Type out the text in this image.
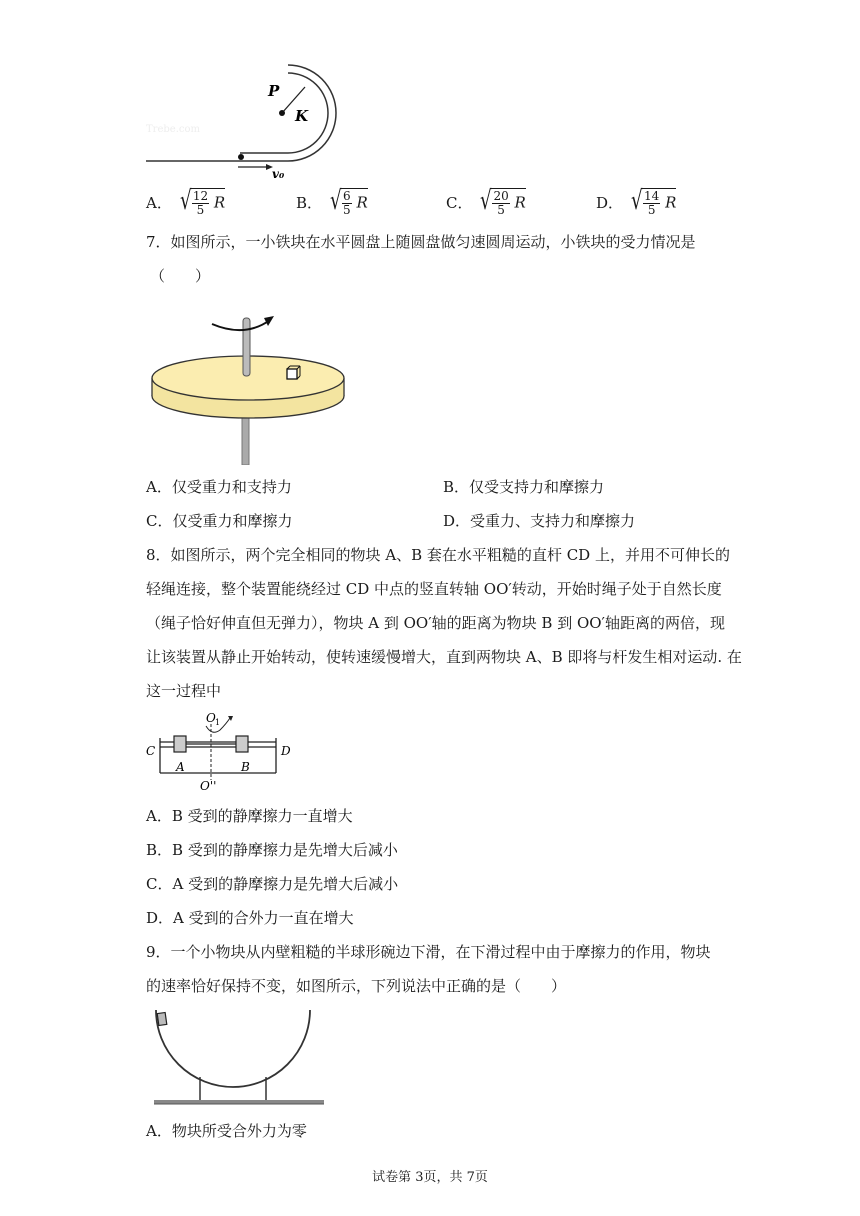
P
K
v₀
Trebe.com
A． √ $\frac{12}{5}$ R	B． √ $\frac{6}{5}$ R	C． √ $\frac{20}{5}$ R	D． √ $\frac{14}{5}$ R
7．如图所示，一小铁块在水平圆盘上随圆盘做匀速圆周运动，小铁块的受力情况是
（　　）
A．仅受重力和支持力	B．仅受支持力和摩擦力
C．仅受重力和摩擦力	D．受重力、支持力和摩擦力
8．如图所示，两个完全相同的物块 A、B 套在水平粗糙的直杆 CD 上，并用不可伸长的
轻绳连接，整个装置能绕经过 CD 中点的竖直转轴 OO′转动，开始时绳子处于自然长度
（绳子恰好伸直但无弹力），物块 A 到 OO′轴的距离为物块 B 到 OO′轴距离的两倍，现
让该装置从静止开始转动，使转速缓慢增大，直到两物块 A、B 即将与杆发生相对运动. 在
这一过程中
C	D
A	B
O 1
O''
A．B 受到的静摩擦力一直增大
B．B 受到的静摩擦力是先增大后减小
C．A 受到的静摩擦力是先增大后减小
D．A 受到的合外力一直在增大
9．一个小物块从内壁粗糙的半球形碗边下滑，在下滑过程中由于摩擦力的作用，物块
的速率恰好保持不变，如图所示，下列说法中正确的是（　　）
A．物块所受合外力为零
试卷第 3页，共 7页
